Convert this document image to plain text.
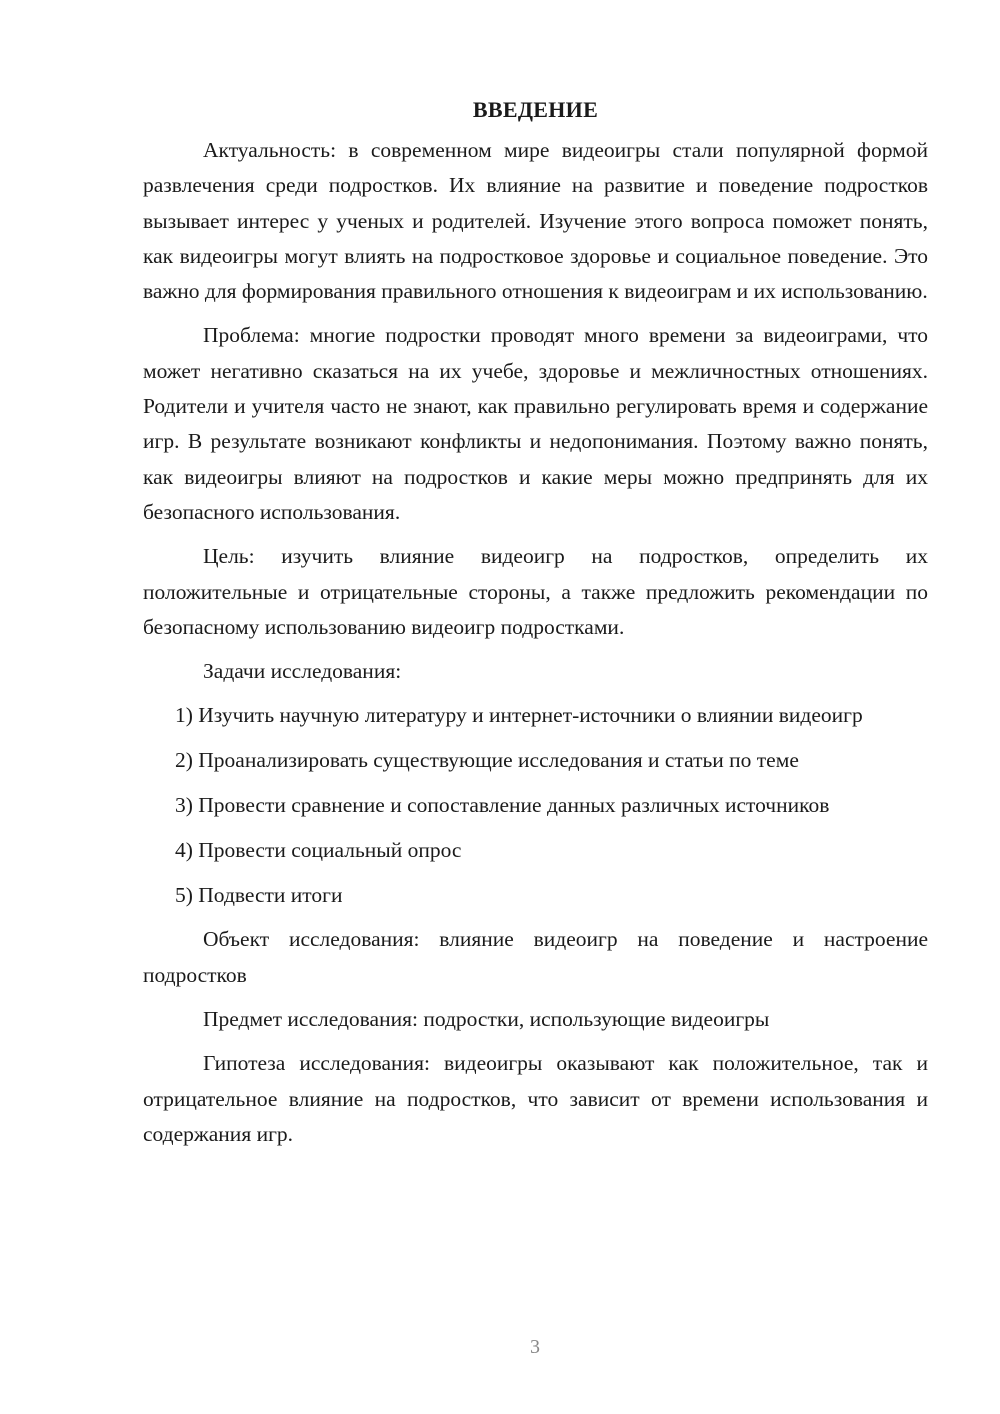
ВВЕДЕНИЕ

Актуальность: в современном мире видеоигры стали популярной формой развлечения среди подростков. Их влияние на развитие и поведение подростков вызывает интерес у ученых и родителей. Изучение этого вопроса поможет понять, как видеоигры могут влиять на подростковое здоровье и социальное поведение. Это важно для формирования правильного отношения к видеоиграм и их использованию.

Проблема: многие подростки проводят много времени за видеоиграми, что может негативно сказаться на их учебе, здоровье и межличностных отношениях. Родители и учителя часто не знают, как правильно регулировать время и содержание игр. В результате возникают конфликты и недопонимания. Поэтому важно понять, как видеоигры влияют на подростков и какие меры можно предпринять для их безопасного использования.

Цель: изучить влияние видеоигр на подростков, определить их положительные и отрицательные стороны, а также предложить рекомендации по безопасному использованию видеоигр подростками.

Задачи исследования:

1) Изучить научную литературу и интернет-источники о влиянии видеоигр

2) Проанализировать существующие исследования и статьи по теме

3) Провести сравнение и сопоставление данных различных источников

4) Провести социальный опрос

5) Подвести итоги

Объект исследования: влияние видеоигр на поведение и настроение подростков

Предмет исследования: подростки, использующие видеоигры

Гипотеза исследования: видеоигры оказывают как положительное, так и отрицательное влияние на подростков, что зависит от времени использования и содержания игр.

3
